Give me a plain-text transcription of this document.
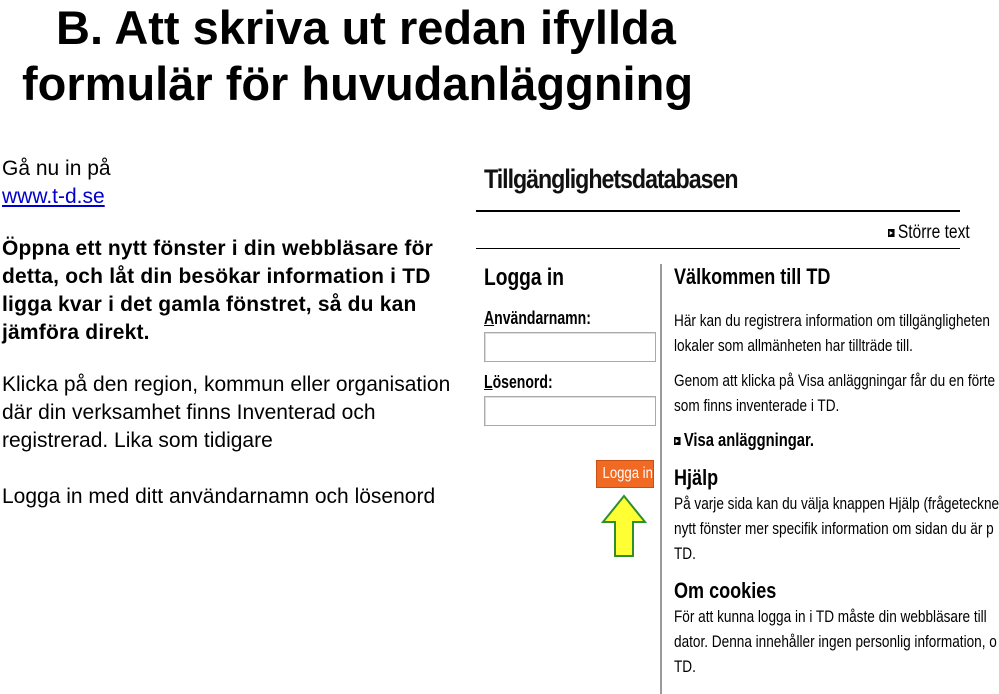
B. Att skriva ut redan ifyllda
formulär för huvudanläggning

Gå nu in på
www.t-d.se

Öppna ett nytt fönster i din webbläsare för detta, och låt din besökar information i TD ligga kvar i det gamla fönstret, så du kan jämföra direkt.

Klicka på den region, kommun eller organisation där din verksamhet finns Inventerad och registrerad. Lika som tidigare

Logga in med ditt användarnamn och lösenord

Tillgänglighetsdatabasen
Större text
Logga in
Användarnamn:
Lösenord:
Logga in
Välkommen till TD
Här kan du registrera information om tillgängligheten
lokaler som allmänheten har tillträde till.
Genom att klicka på Visa anläggningar får du en förte
som finns inventerade i TD.
Visa anläggningar.
Hjälp
På varje sida kan du välja knappen Hjälp (frågeteckne
nytt fönster mer specifik information om sidan du är p
TD.
Om cookies
För att kunna logga in i TD måste din webbläsare till
dator. Denna innehåller ingen personlig information, o
TD.
